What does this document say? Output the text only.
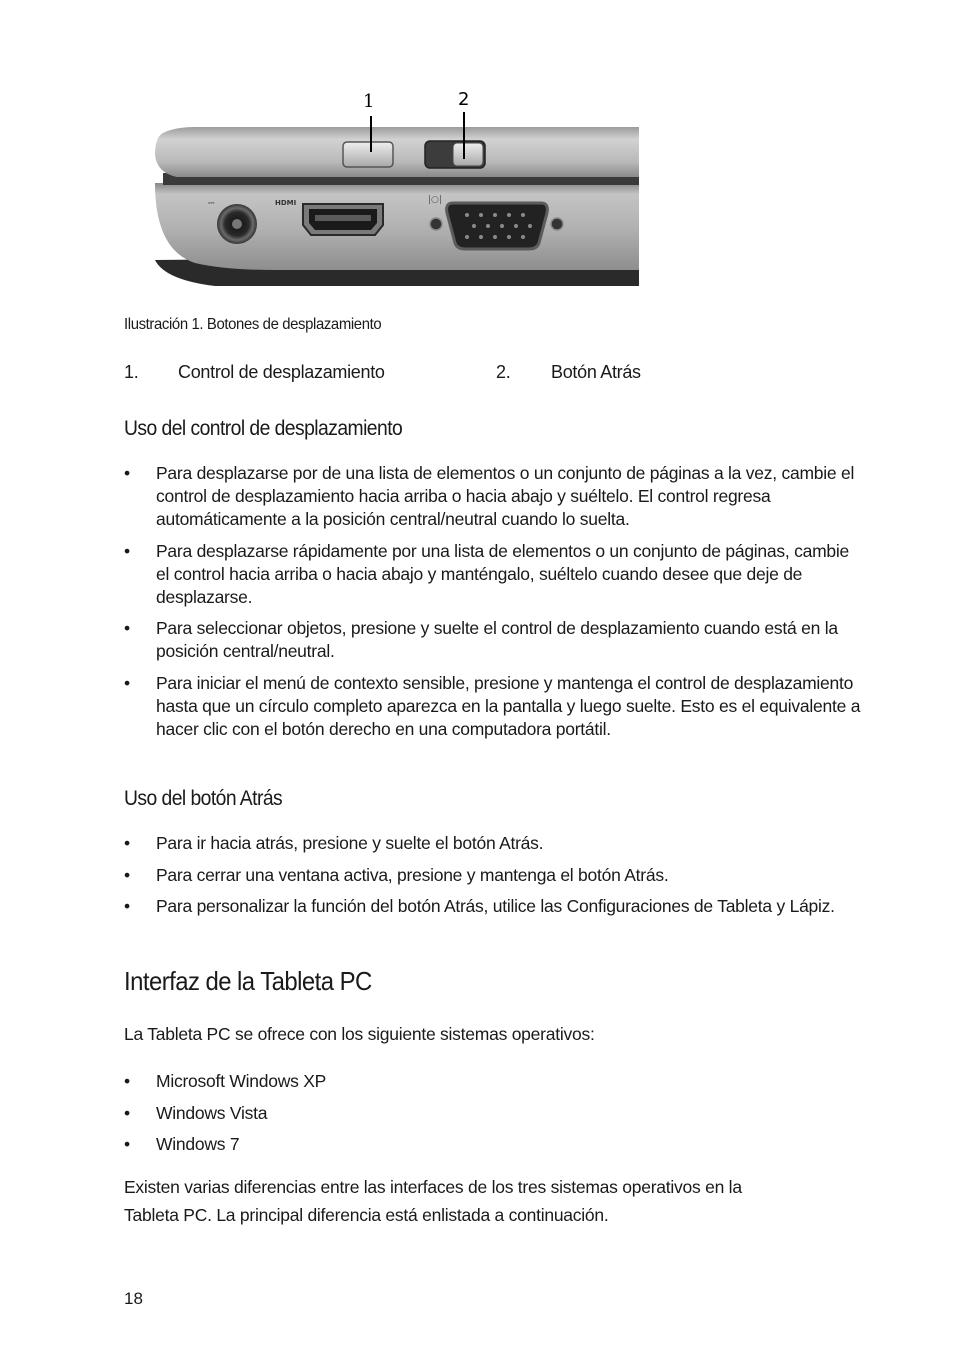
⎓	HDMI	|○|
1	2
Ilustración 1. Botones de desplazamiento
1. Control de desplazamiento	2. Botón Atrás
Uso del control de desplazamiento
• Para desplazarse por de una lista de elementos o un conjunto de páginas a la vez, cambie el control de desplazamiento hacia arriba o hacia abajo y suéltelo. El control regresa automáticamente a la posición central/neutral cuando lo suelta.
• Para desplazarse rápidamente por una lista de elementos o un conjunto de páginas, cambie el control hacia arriba o hacia abajo y manténgalo, suéltelo cuando desee que deje de desplazarse.
• Para seleccionar objetos, presione y suelte el control de desplazamiento cuando está en la posición central/neutral.
• Para iniciar el menú de contexto sensible, presione y mantenga el control de desplazamiento hasta que un círculo completo aparezca en la pantalla y luego suelte. Esto es el equivalente a hacer clic con el botón derecho en una computadora portátil.
Uso del botón Atrás
• Para ir hacia atrás, presione y suelte el botón Atrás.
• Para cerrar una ventana activa, presione y mantenga el botón Atrás.
• Para personalizar la función del botón Atrás, utilice las Configuraciones de Tableta y Lápiz.
Interfaz de la Tableta PC
La Tableta PC se ofrece con los siguiente sistemas operativos:
• Microsoft Windows XP
• Windows Vista
• Windows 7
Existen varias diferencias entre las interfaces de los tres sistemas operativos en la
Tableta PC. La principal diferencia está enlistada a continuación.
18
